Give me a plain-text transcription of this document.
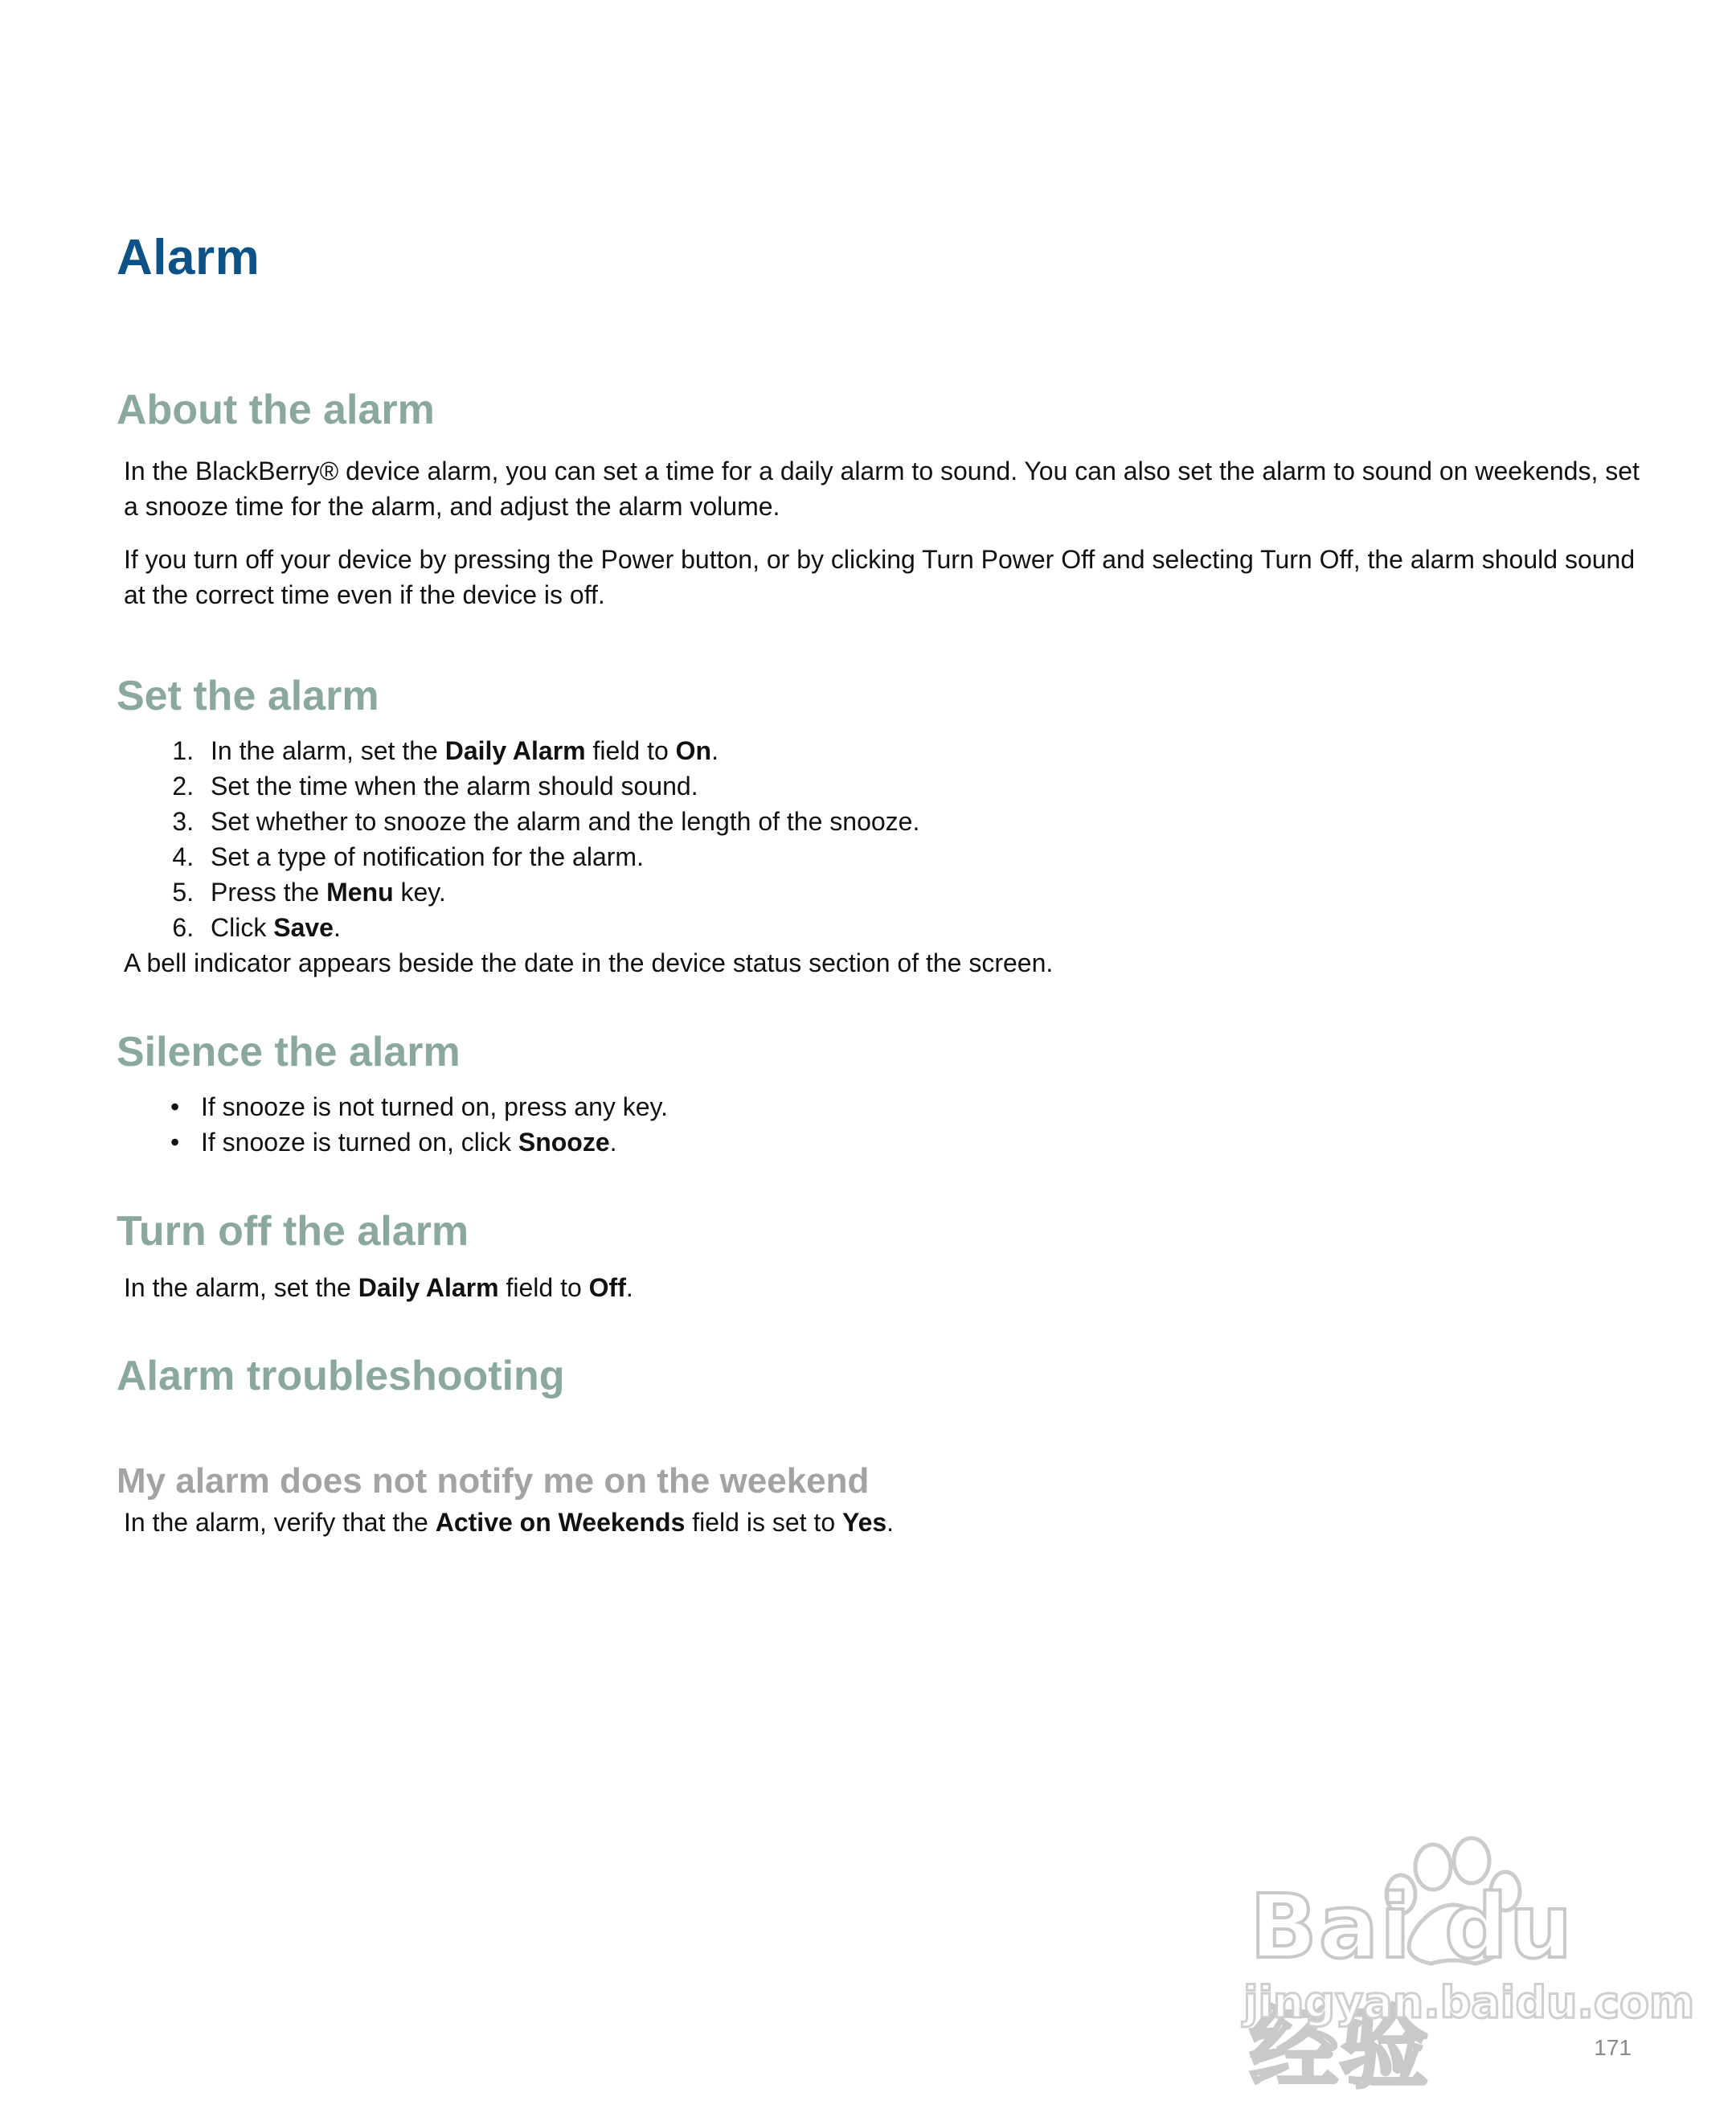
Alarm
About the alarm

In the BlackBerry® device alarm, you can set a time for a daily alarm to sound. You can also set the alarm to sound on weekends, set a snooze time for the alarm, and adjust the alarm volume.

If you turn off your device by pressing the Power button, or by clicking Turn Power Off and selecting Turn Off, the alarm should sound at the correct time even if the device is off.

Set the alarm
1. In the alarm, set the Daily Alarm field to On.
2. Set the time when the alarm should sound.
3. Set whether to snooze the alarm and the length of the snooze.
4. Set a type of notification for the alarm.
5. Press the Menu key.
6. Click Save.

A bell indicator appears beside the date in the device status section of the screen.

Silence the alarm
• If snooze is not turned on, press any key.
• If snooze is turned on, click Snooze.
Turn off the alarm

In the alarm, set the Daily Alarm field to Off.

Alarm troubleshooting
My alarm does not notify me on the weekend

In the alarm, verify that the Active on Weekends field is set to Yes.

Bai du 经验
jingyan.baidu.com
171
